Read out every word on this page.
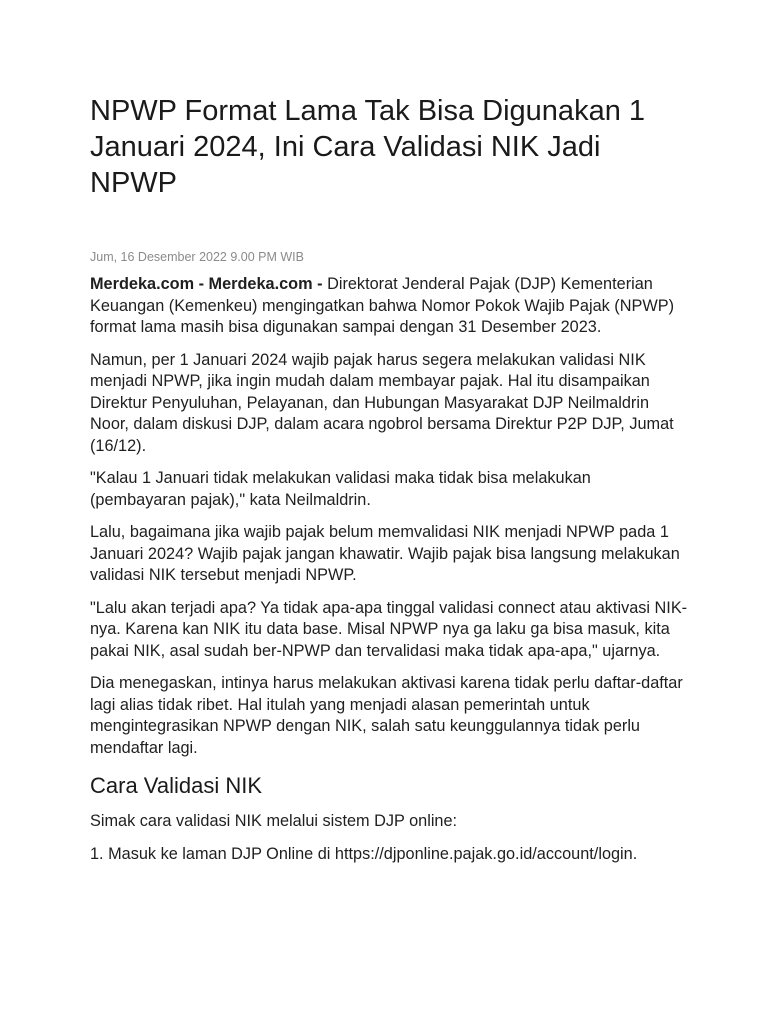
NPWP Format Lama Tak Bisa Digunakan 1 Januari 2024, Ini Cara Validasi NIK Jadi NPWP
Jum, 16 Desember 2022 9.00 PM WIB

Merdeka.com - Merdeka.com - Direktorat Jenderal Pajak (DJP) Kementerian Keuangan (Kemenkeu) mengingatkan bahwa Nomor Pokok Wajib Pajak (NPWP) format lama masih bisa digunakan sampai dengan 31 Desember 2023.

Namun, per 1 Januari 2024 wajib pajak harus segera melakukan validasi NIK menjadi NPWP, jika ingin mudah dalam membayar pajak. Hal itu disampaikan Direktur Penyuluhan, Pelayanan, dan Hubungan Masyarakat DJP Neilmaldrin Noor, dalam diskusi DJP, dalam acara ngobrol bersama Direktur P2P DJP, Jumat (16/12).

"Kalau 1 Januari tidak melakukan validasi maka tidak bisa melakukan (pembayaran pajak)," kata Neilmaldrin.

Lalu, bagaimana jika wajib pajak belum memvalidasi NIK menjadi NPWP pada 1 Januari 2024? Wajib pajak jangan khawatir. Wajib pajak bisa langsung melakukan validasi NIK tersebut menjadi NPWP.

"Lalu akan terjadi apa? Ya tidak apa-apa tinggal validasi connect atau aktivasi NIK-nya. Karena kan NIK itu data base. Misal NPWP nya ga laku ga bisa masuk, kita pakai NIK, asal sudah ber-NPWP dan tervalidasi maka tidak apa-apa," ujarnya.

Dia menegaskan, intinya harus melakukan aktivasi karena tidak perlu daftar-daftar lagi alias tidak ribet. Hal itulah yang menjadi alasan pemerintah untuk mengintegrasikan NPWP dengan NIK, salah satu keunggulannya tidak perlu mendaftar lagi.

Cara Validasi NIK

Simak cara validasi NIK melalui sistem DJP online:

1. Masuk ke laman DJP Online di https://djponline.pajak.go.id/account/login.
